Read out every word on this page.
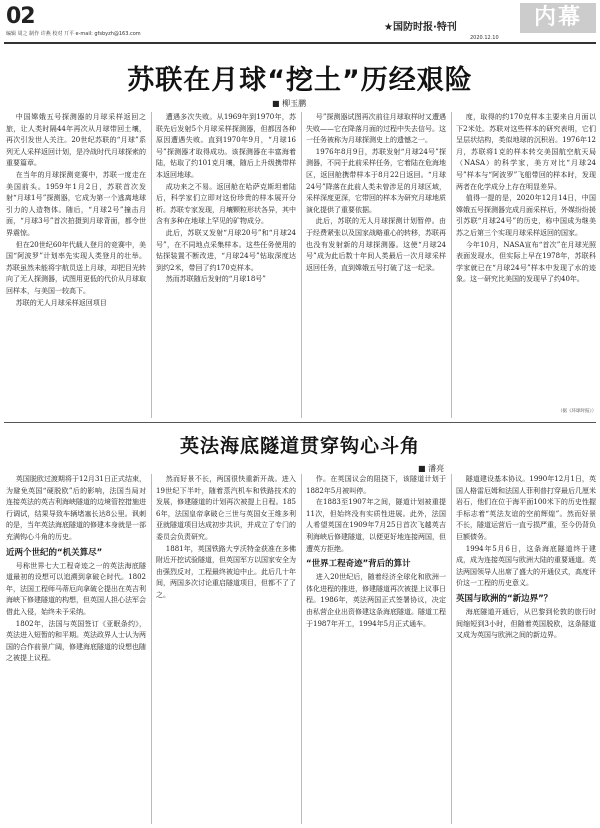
02
编辑 周之 制作 许燕 校对 丌平 e-mail: gfsbyzh@163.com
★国防时报·特刊	内幕
2020.12.10
苏联在月球“挖土”历经艰险
■ 柳玉鹏

中国嫦娥五号探测器的月球采样返回之旅，让人类时隔44年再次从月球带回土壤，再次引发世人关注。20世纪苏联的“月球”系列无人采样返回计划，是冷战时代月球探索的重要篇章。

在当年的月球探测竞赛中，苏联一度走在美国前头。1959年1月2日，苏联首次发射“月球1号”探测器，它成为第一个逃离地球引力的人造物体。随后，“月球2号”撞击月面，“月球3号”首次拍摄到月球背面，都令世界震惊。

但在20世纪60年代载人登月的竞赛中，美国“阿波罗”计划率先实现人类登月的壮举。苏联虽然未能将宇航员送上月球，却把目光转向了无人探测器，试图用更低的代价从月球取回样本，与美国一较高下。

苏联的无人月球采样返回项目

遭遇多次失败。从1969年到1970年，苏联先后发射5个月球采样探测器，但都因各种原因遭遇失败。直到1970年9月，“月球16号”探测器才取得成功。该探测器在丰富海着陆，钻取了约101克月壤，随后上升级携带样本返回地球。

成功来之不易。返回舱在哈萨克斯坦着陆后，科学家们立即对这份珍贵的样本展开分析。苏联专家发现，月壤颗粒形状各异，其中含有多种在地球上罕见的矿物成分。

此后，苏联又发射“月球20号”和“月球24号”，在不同地点采集样本。这些任务使用的钻探装置不断改进，“月球24号”钻取深度达到约2米，带回了约170克样本。

然而苏联随后发射的“月球18号”

号”探测器试图再次前往月球取样时又遭遇失败——它在降落月面的过程中失去信号。这一任务被称为月球探测史上的遗憾之一。

1976年8月9日，苏联发射“月球24号”探测器，不同于此前采样任务，它着陆在危海地区，返回舱携带样本于8月22日返回。“月球24号”降落在此前人类未曾涉足的月球区域，采样深度更深，它带回的样本为研究月球地质演化提供了重要依据。

此后，苏联的无人月球探测计划暂停。由于经费紧张以及国家战略重心的转移，苏联再也没有发射新的月球探测器。这使“月球24号”成为此后数十年间人类最后一次月球采样返回任务，直到嫦娥五号打破了这一纪录。

度，取得的约170克样本主要来自月面以下2米处。苏联对这些样本的研究表明，它们呈层状结构，类似地球的沉积岩。1976年12月，苏联将1克的样本转交美国航空航天局（NASA）的科学家，美方对比“月球24号”样本与“阿波罗”飞船带回的样本时，发现两者在化学成分上存在明显差异。

值得一提的是，2020年12月14日，中国嫦娥五号探测器完成月面采样后，外媒纷纷援引苏联“月球24号”的历史，称中国成为继美苏之后第三个实现月球采样返回的国家。

今年10月，NASA宣布“首次”在月球光照表面发现水，但实际上早在1978年，苏联科学家就已在“月球24号”样本中发现了水的迹象。这一研究比美国的发现早了约40年。

（据《环球时报》）
英法海底隧道贯穿钩心斗角
■ 潘亮

英国脱欧过渡期将于12月31日正式结束，为避免英国“硬脱欧”后的影响，法国当局对连接英法的英吉利海峡隧道的边境管控措施进行调试，结果导致车辆堵塞长达8公里。讽刺的是，当年英法海底隧道的修建本身就是一部充满钩心斗角的历史。

近两个世纪的“机关算尽”

号称世界七大工程奇迹之一的英法海底隧道最初的设想可以追溯到拿破仑时代。1802年，法国工程师马蒂厄向拿破仑提出在英吉利海峡下修建隧道的构想，但英国人担心法军会借此入侵，始终未予采纳。

1802年，法国与英国签订《亚眠条约》，英法进入短暂的和平期。英法政界人士认为两国的合作前景广阔，修建海底隧道的设想也随之被提上议程。

然而好景不长，两国很快重新开战。进入19世纪下半叶，随着蒸汽机车和铁路技术的发展，修建隧道的计划再次被提上日程。1856年，法国皇帝拿破仑三世与英国女王维多利亚就隧道项目达成初步共识，并成立了专门的委员会负责研究。

1881年，英国铁路大亨沃特金获准在多佛附近开挖试验隧道，但英国军方以国家安全为由强烈反对，工程最终被迫中止。此后几十年间，两国多次讨论重启隧道项目，但都不了了之。

作。在英国议会的阻挠下，该隧道计划于1882年5月被叫停。

在1883至1907年之间，隧道计划被重提11次，但始终没有实质性进展。此外，法国人希望英国在1909年7月25日首次飞越英吉利海峡后修建隧道，以便更好地连接两国，但遭英方拒绝。

“世界工程奇迹”背后的算计

进入20世纪后，随着经济全球化和欧洲一体化进程的推进，修建隧道再次被提上议事日程。1986年，英法两国正式签署协议，决定由私营企业出资修建这条海底隧道。隧道工程于1987年开工，1994年5月正式通车。

隧道建设基本协议。1990年12月1日，英国人格雷厄姆和法国人菲利普打穿最后几厘米岩石，他们在位于海平面100米下的历史性握手标志着“英法友谊的空前辉煌”。然而好景不长，隧道运营后一直亏损严重，至今仍背负巨额债务。

1994年5月6日，这条海底隧道终于建成，成为连接英国与欧洲大陆的重要通道。英法两国领导人出席了盛大的开通仪式，高度评价这一工程的历史意义。

英国与欧洲的“新边界”？

海底隧道开通后，从巴黎到伦敦的旅行时间缩短到3小时，但随着英国脱欧，这条隧道又成为英国与欧洲之间的新边界。
